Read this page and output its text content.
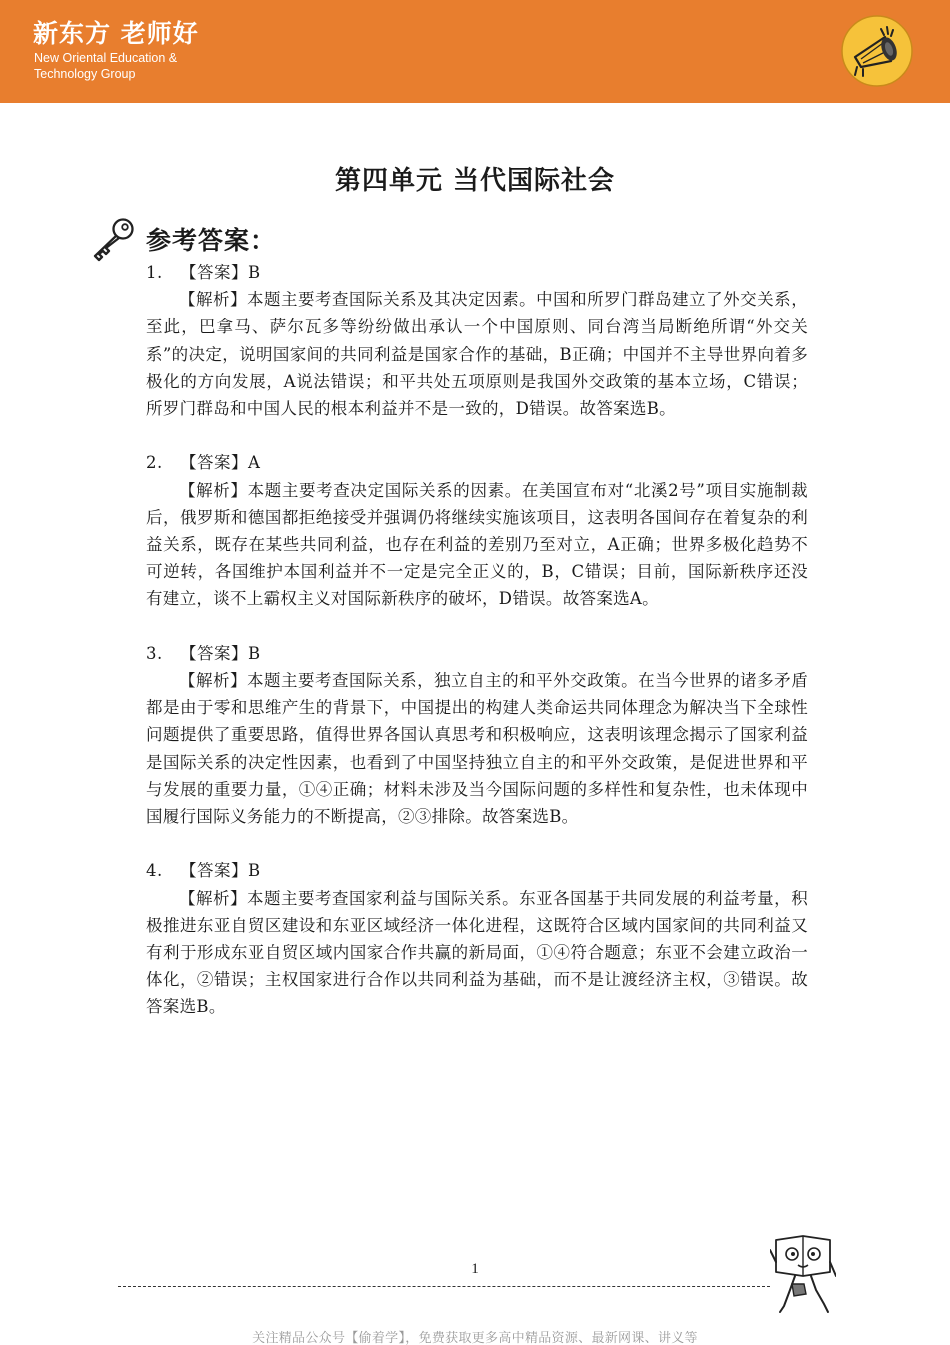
新东方 老师好
New Oriental Education & Technology Group
第四单元 当代国际社会
参考答案：
1. 【答案】B
【解析】本题主要考查国际关系及其决定因素。中国和所罗门群岛建立了外交关系，至此，巴拿马、萨尔瓦多等纷纷做出承认一个中国原则、同台湾当局断绝所谓“外交关系”的决定，说明国家间的共同利益是国家合作的基础，B正确；中国并不主导世界向着多极化的方向发展，A说法错误；和平共处五项原则是我国外交政策的基本立场，C错误；所罗门群岛和中国人民的根本利益并不是一致的，D错误。故答案选B。
2. 【答案】A
【解析】本题主要考查决定国际关系的因素。在美国宣布对“北溪2号”项目实施制裁后，俄罗斯和德国都拒绝接受并强调仍将继续实施该项目，这表明各国间存在着复杂的利益关系，既存在某些共同利益，也存在利益的差别乃至对立，A正确；世界多极化趋势不可逆转，各国维护本国利益并不一定是完全正义的，B，C错误；目前，国际新秩序还没有建立，谈不上霸权主义对国际新秩序的破坏，D错误。故答案选A。
3. 【答案】B
【解析】本题主要考查国际关系，独立自主的和平外交政策。在当今世界的诸多矛盾都是由于零和思维产生的背景下，中国提出的构建人类命运共同体理念为解决当下全球性问题提供了重要思路，值得世界各国认真思考和积极响应，这表明该理念揭示了国家利益是国际关系的决定性因素，也看到了中国坚持独立自主的和平外交政策，是促进世界和平与发展的重要力量，①④正确；材料未涉及当今国际问题的多样性和复杂性，也未体现中国履行国际义务能力的不断提高，②③排除。故答案选B。
4. 【答案】B
【解析】本题主要考查国家利益与国际关系。东亚各国基于共同发展的利益考量，积极推进东亚自贸区建设和东亚区域经济一体化进程，这既符合区域内国家间的共同利益又有利于形成东亚自贸区域内国家合作共赢的新局面，①④符合题意；东亚不会建立政治一体化，②错误；主权国家进行合作以共同利益为基础，而不是让渡经济主权，③错误。故答案选B。
1
关注精品公众号【偷着学】，免费获取更多高中精品资源、最新网课、讲义等
